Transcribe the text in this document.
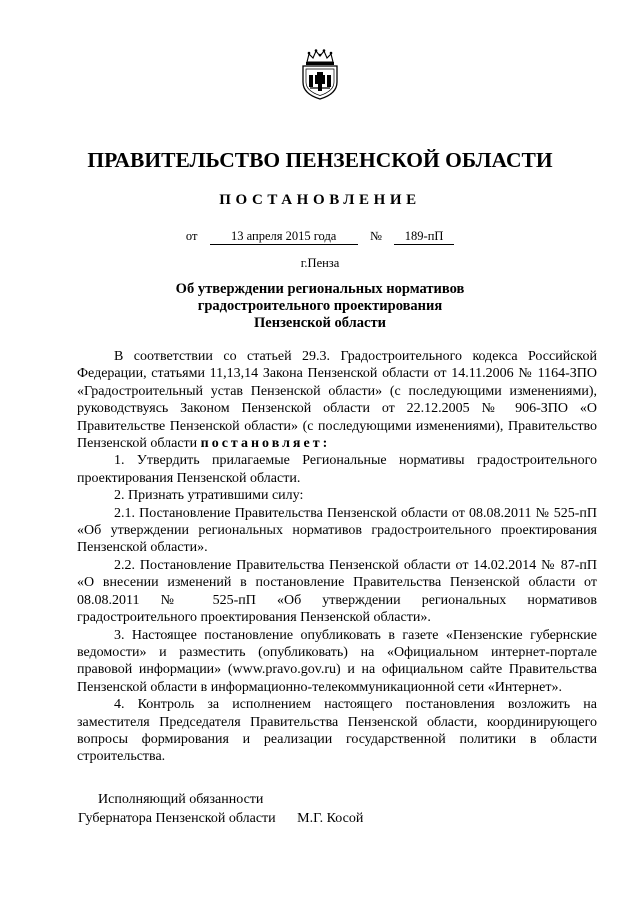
ПРАВИТЕЛЬСТВО ПЕНЗЕНСКОЙ ОБЛАСТИ
ПОСТАНОВЛЕНИЕ
от	13 апреля 2015 года	№ 189-пП
г.Пенза
Об утверждении региональных нормативов
градостроительного проектирования
Пензенской области

В соответствии со статьей 29.3. Градостроительного кодекса Российской Федерации, статьями 11,13,14 Закона Пензенской области от 14.11.2006 № 1164-ЗПО «Градостроительный устав Пензенской области» (с последующими изменениями), руководствуясь Законом Пензенской области от 22.12.2005 № 906-ЗПО «О Правительстве Пензенской области» (с последующими изменениями), Правительство Пензенской области постановляет:

1. Утвердить прилагаемые Региональные нормативы градостроительного проектирования Пензенской области.

2. Признать утратившими силу:

2.1. Постановление Правительства Пензенской области от 08.08.2011 № 525-пП «Об утверждении региональных нормативов градостроительного проектирования Пензенской области».

2.2. Постановление Правительства Пензенской области от 14.02.2014 № 87-пП «О внесении изменений в постановление Правительства Пензенской области от 08.08.2011 № 525-пП «Об утверждении региональных нормативов градостроительного проектирования Пензенской области».

3. Настоящее постановление опубликовать в газете «Пензенские губернские ведомости» и разместить (опубликовать) на «Официальном интернет-портале правовой информации» (www.pravo.gov.ru) и на официальном сайте Правительства Пензенской области в информационно-телекоммуникационной сети «Интернет».

4. Контроль за исполнением настоящего постановления возложить на заместителя Председателя Правительства Пензенской области, координирующего вопросы формирования и реализации государственной политики в области строительства.

Исполняющий обязанности
Губернатора Пензенской области М.Г. Косой
